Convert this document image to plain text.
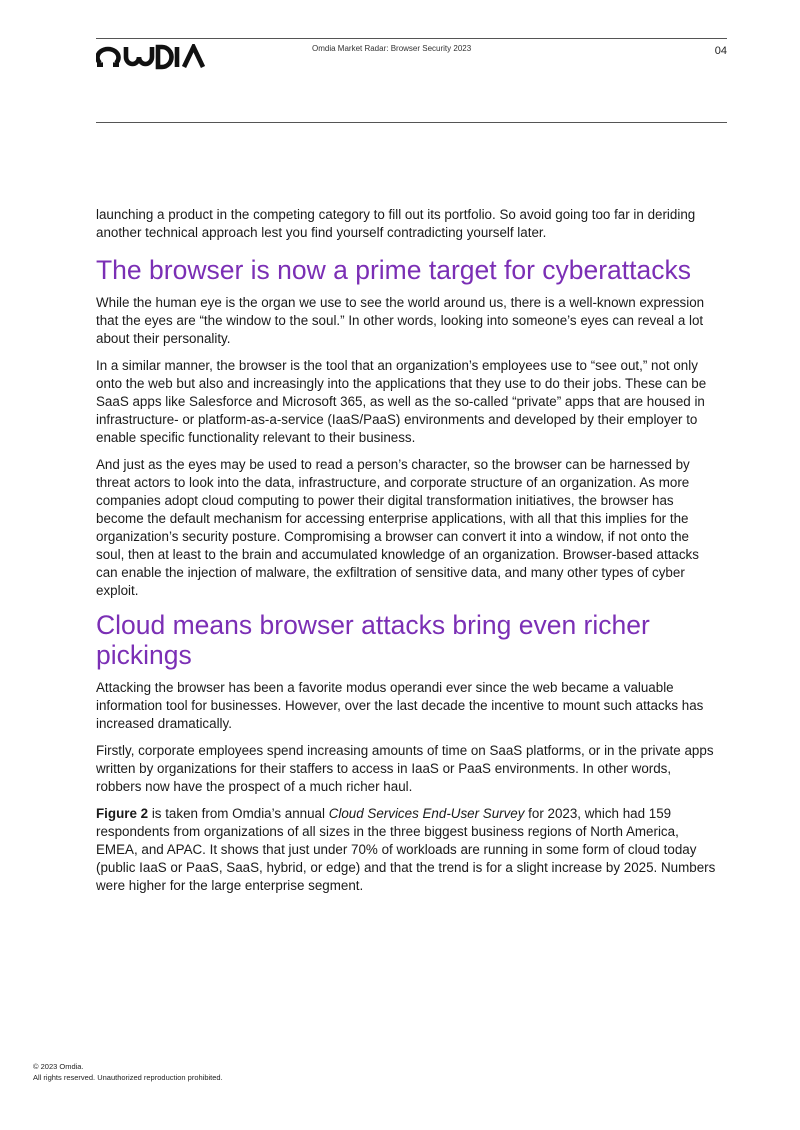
Omdia Market Radar: Browser Security 2023	04

launching a product in the competing category to fill out its portfolio. So avoid going too far in deriding another technical approach lest you find yourself contradicting yourself later.

The browser is now a prime target for cyberattacks

While the human eye is the organ we use to see the world around us, there is a well-known expression that the eyes are “the window to the soul.” In other words, looking into someone’s eyes can reveal a lot about their personality.

In a similar manner, the browser is the tool that an organization’s employees use to “see out,” not only onto the web but also and increasingly into the applications that they use to do their jobs. These can be SaaS apps like Salesforce and Microsoft 365, as well as the so-called “private” apps that are housed in infrastructure- or platform-as-a-service (IaaS/PaaS) environments and developed by their employer to enable specific functionality relevant to their business.

And just as the eyes may be used to read a person’s character, so the browser can be harnessed by threat actors to look into the data, infrastructure, and corporate structure of an organization. As more companies adopt cloud computing to power their digital transformation initiatives, the browser has become the default mechanism for accessing enterprise applications, with all that this implies for the organization’s security posture. Compromising a browser can convert it into a window, if not onto the soul, then at least to the brain and accumulated knowledge of an organization. Browser-based attacks can enable the injection of malware, the exfiltration of sensitive data, and many other types of cyber exploit.

Cloud means browser attacks bring even richer pickings

Attacking the browser has been a favorite modus operandi ever since the web became a valuable information tool for businesses. However, over the last decade the incentive to mount such attacks has increased dramatically.

Firstly, corporate employees spend increasing amounts of time on SaaS platforms, or in the private apps written by organizations for their staffers to access in IaaS or PaaS environments. In other words, robbers now have the prospect of a much richer haul.

Figure 2 is taken from Omdia’s annual Cloud Services End-User Survey for 2023, which had 159 respondents from organizations of all sizes in the three biggest business regions of North America, EMEA, and APAC. It shows that just under 70% of workloads are running in some form of cloud today (public IaaS or PaaS, SaaS, hybrid, or edge) and that the trend is for a slight increase by 2025. Numbers were higher for the large enterprise segment.

© 2023 Omdia.
All rights reserved. Unauthorized reproduction prohibited.
